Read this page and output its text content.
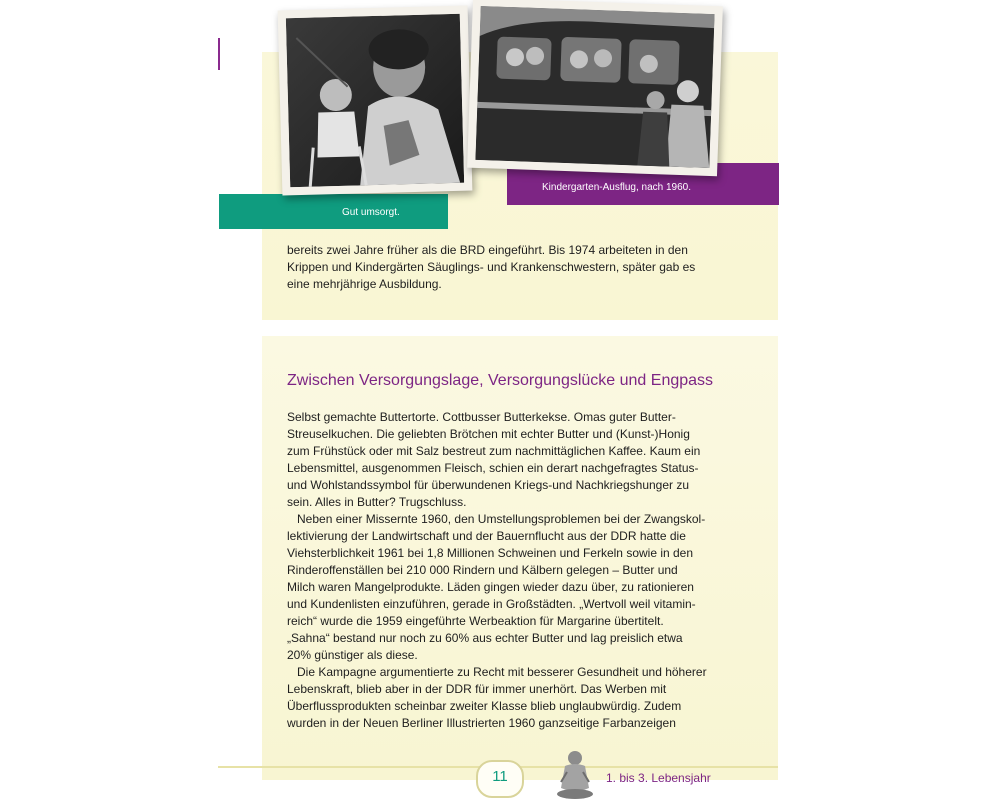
Gut umsorgt.
Kindergarten-Ausflug, nach 1960.
bereits zwei Jahre früher als die BRD eingeführt. Bis 1974 arbeiteten in den
Krippen und Kindergärten Säuglings- und Krankenschwestern, später gab es
eine mehrjährige Ausbildung.
Zwischen Versorgungslage, Versorgungslücke und Engpass
Selbst gemachte Buttertorte. Cottbusser Butterkekse. Omas guter Butter-
Streuselkuchen. Die geliebten Brötchen mit echter Butter und (Kunst-)Honig
zum Frühstück oder mit Salz bestreut zum nachmittäglichen Kaffee. Kaum ein
Lebensmittel, ausgenommen Fleisch, schien ein derart nachgefragtes Status-
und Wohlstandssymbol für überwundenen Kriegs-und Nachkriegshunger zu
sein. Alles in Butter? Trugschluss.
Neben einer Missernte 1960, den Umstellungsproblemen bei der Zwangskol-
lektivierung der Landwirtschaft und der Bauernflucht aus der DDR hatte die
Viehsterblichkeit 1961 bei 1,8 Millionen Schweinen und Ferkeln sowie in den
Rinderoffenställen bei 210 000 Rindern und Kälbern gelegen – Butter und
Milch waren Mangelprodukte. Läden gingen wieder dazu über, zu rationieren
und Kundenlisten einzuführen, gerade in Großstädten. „Wertvoll weil vitamin-
reich“ wurde die 1959 eingeführte Werbeaktion für Margarine übertitelt.
„Sahna“ bestand nur noch zu 60% aus echter Butter und lag preislich etwa
20% günstiger als diese.
Die Kampagne argumentierte zu Recht mit besserer Gesundheit und höherer
Lebenskraft, blieb aber in der DDR für immer unerhört. Das Werben mit
Überflussprodukten scheinbar zweiter Klasse blieb unglaubwürdig. Zudem
wurden in der Neuen Berliner Illustrierten 1960 ganzseitige Farbanzeigen
11	1. bis 3. Lebensjahr
